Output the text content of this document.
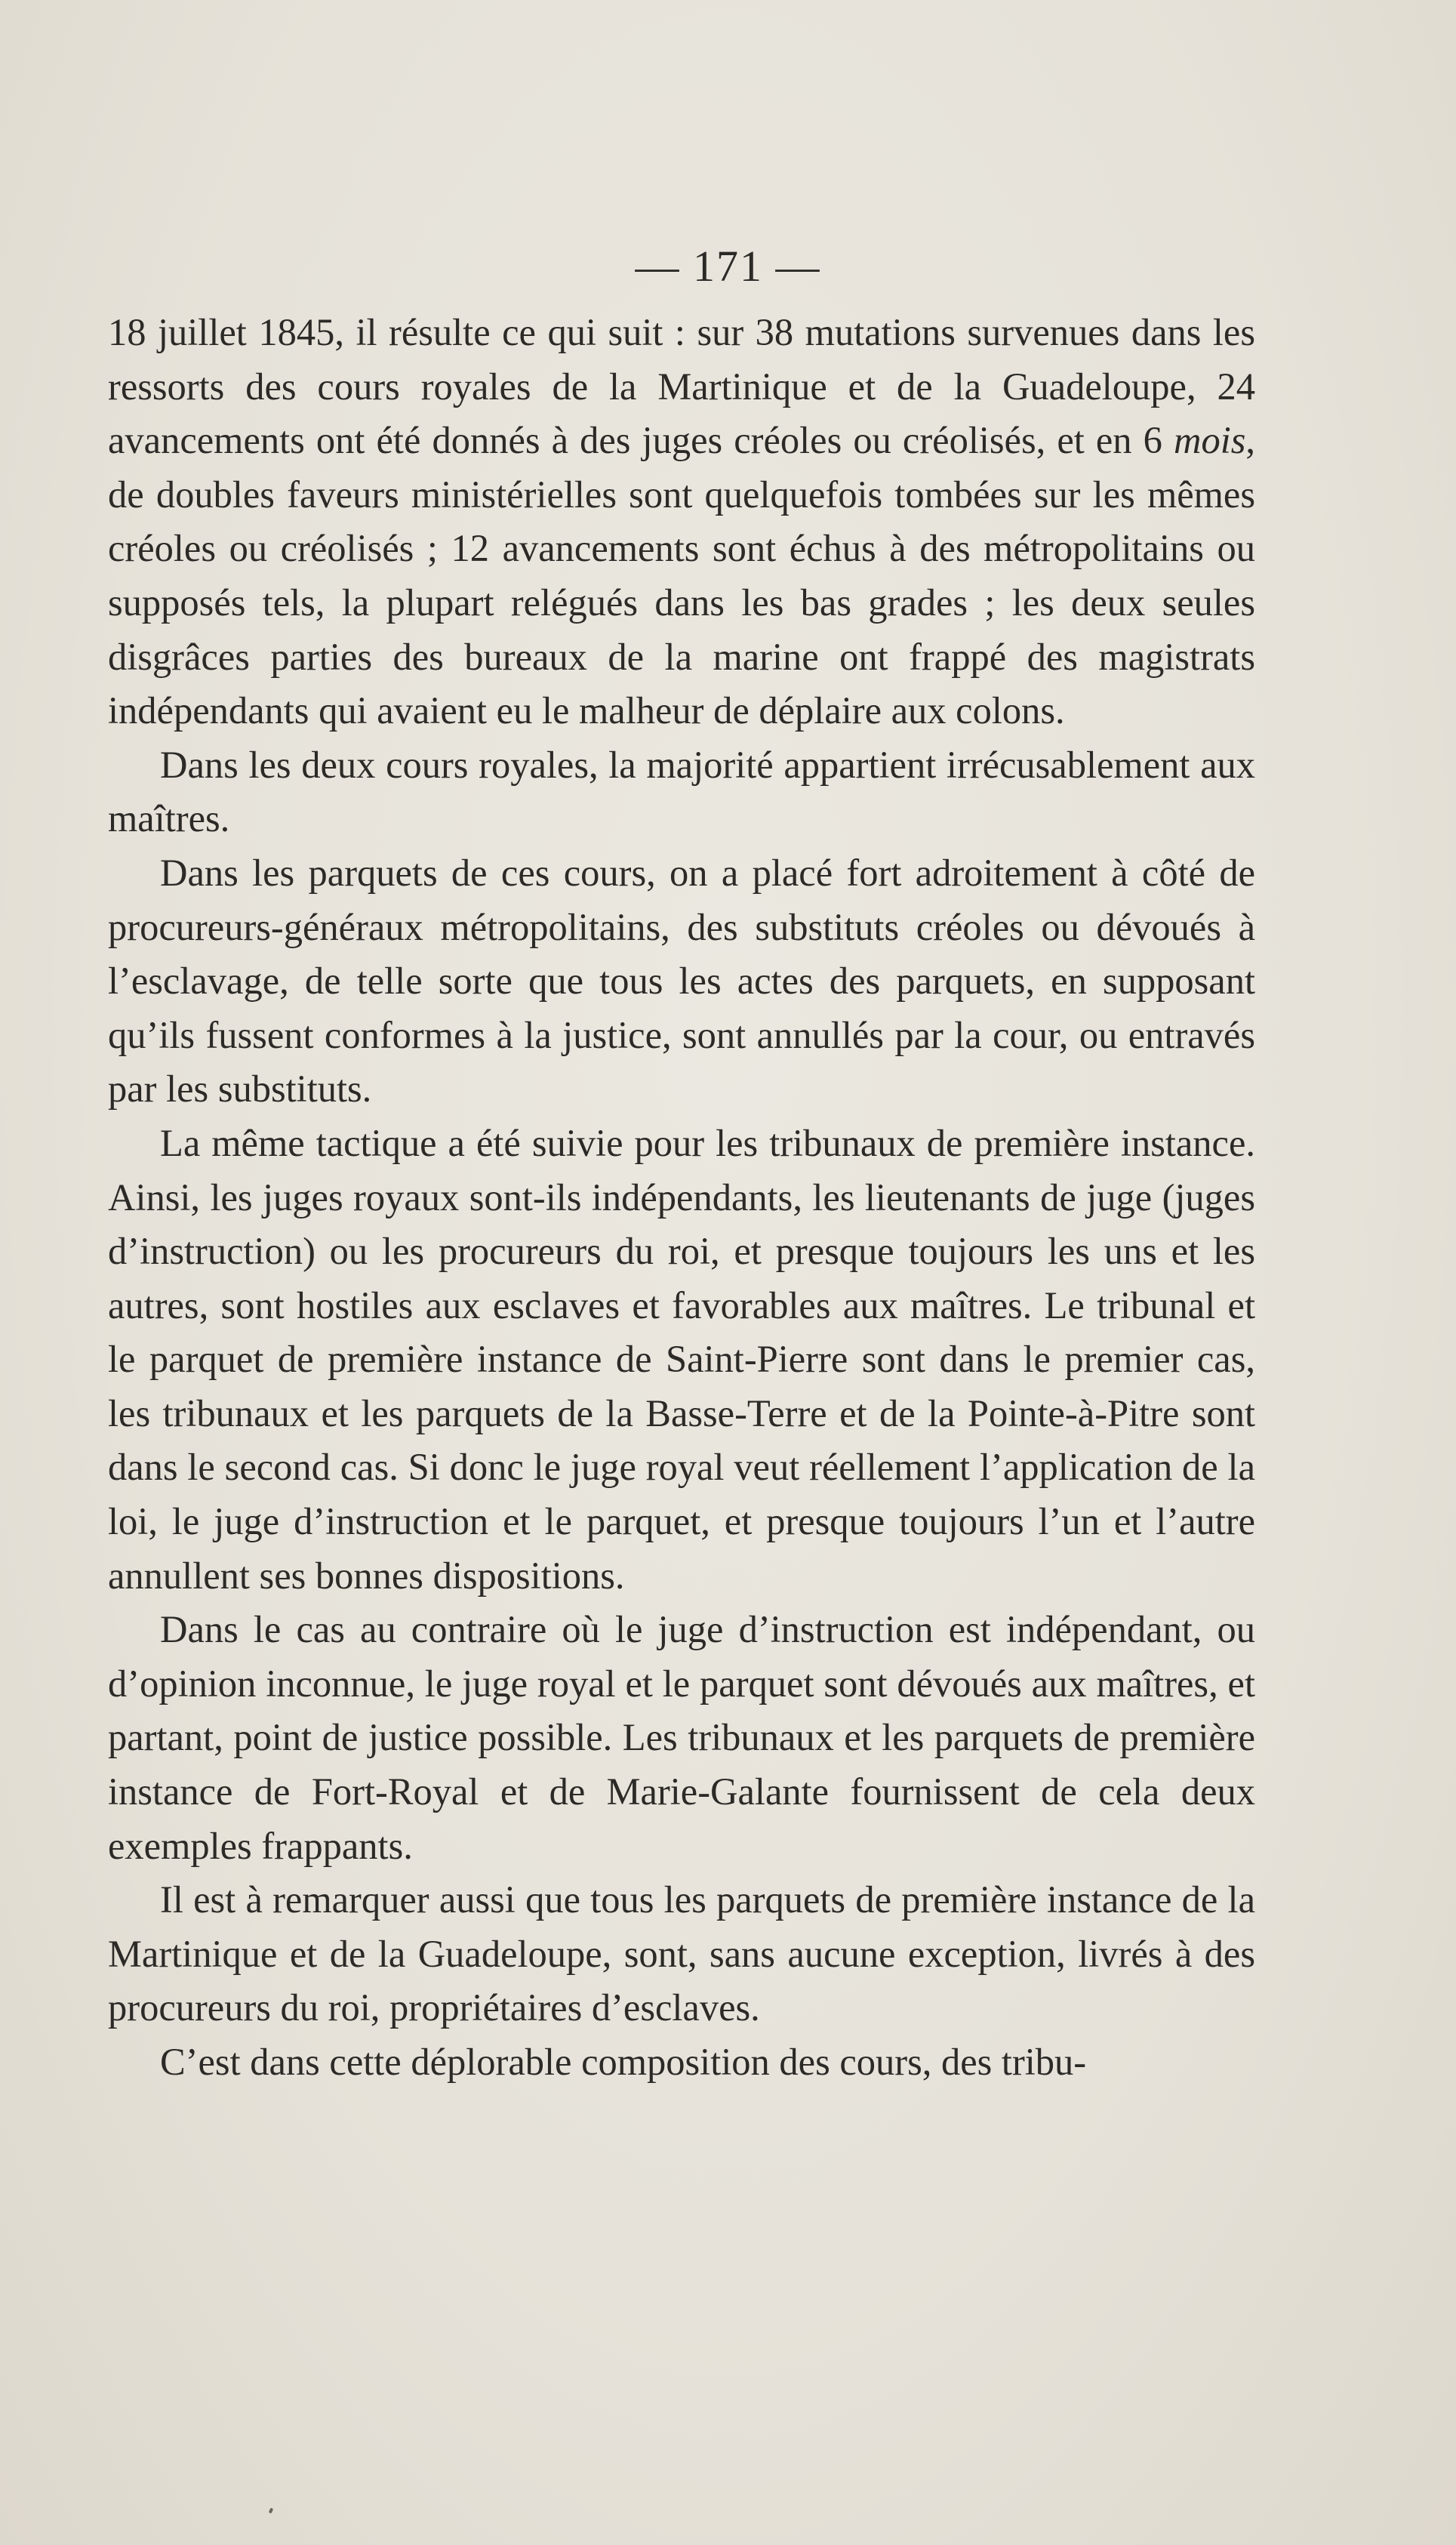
— 171 —

18 juillet 1845, il résulte ce qui suit : sur 38 mutations survenues dans les ressorts des cours royales de la Martinique et de la Guadeloupe, 24 avancements ont été donnés à des juges créoles ou créolisés, et en 6 mois, de doubles faveurs ministérielles sont quelquefois tombées sur les mêmes créoles ou créolisés ; 12 avancements sont échus à des métropolitains ou supposés tels, la plupart relégués dans les bas grades ; les deux seules disgrâces parties des bureaux de la marine ont frappé des magistrats indépendants qui avaient eu le malheur de déplaire aux colons.

Dans les deux cours royales, la majorité appartient irrécusablement aux maîtres.

Dans les parquets de ces cours, on a placé fort adroitement à côté de procureurs-généraux métropolitains, des substituts créoles ou dévoués à l’esclavage, de telle sorte que tous les actes des parquets, en supposant qu’ils fussent conformes à la justice, sont annullés par la cour, ou entravés par les substituts.

La même tactique a été suivie pour les tribunaux de première instance. Ainsi, les juges royaux sont-ils indépendants, les lieutenants de juge (juges d’instruction) ou les procureurs du roi, et presque toujours les uns et les autres, sont hostiles aux esclaves et favorables aux maîtres. Le tribunal et le parquet de première instance de Saint-Pierre sont dans le premier cas, les tribunaux et les parquets de la Basse-Terre et de la Pointe-à-Pitre sont dans le second cas. Si donc le juge royal veut réellement l’application de la loi, le juge d’instruction et le parquet, et presque toujours l’un et l’autre annullent ses bonnes dispositions.

Dans le cas au contraire où le juge d’instruction est indépendant, ou d’opinion inconnue, le juge royal et le parquet sont dévoués aux maîtres, et partant, point de justice possible. Les tribunaux et les parquets de première instance de Fort-Royal et de Marie-Galante fournissent de cela deux exemples frappants.

Il est à remarquer aussi que tous les parquets de première instance de la Martinique et de la Guadeloupe, sont, sans aucune exception, livrés à des procureurs du roi, propriétaires d’esclaves.

C’est dans cette déplorable composition des cours, des tribu-
